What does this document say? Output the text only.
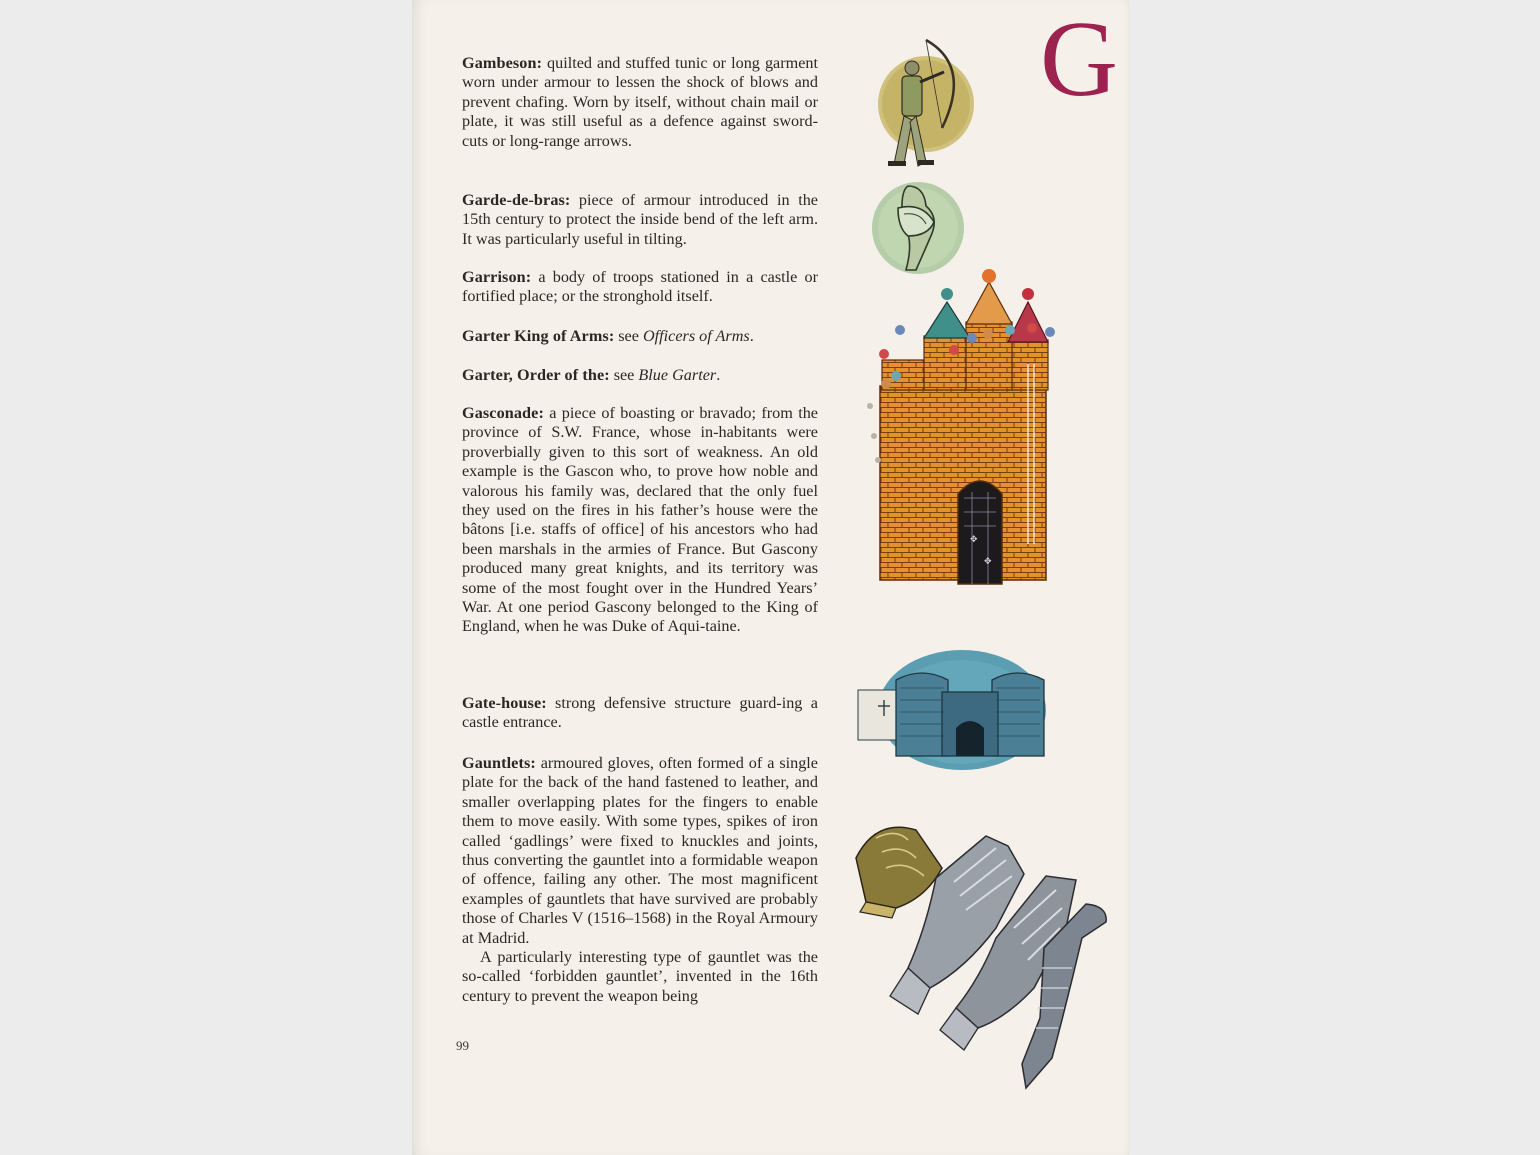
G

Gambeson: quilted and stuffed tunic or long garment worn under armour to lessen the shock of blows and prevent chafing. Worn by itself, without chain mail or plate, it was still useful as a defence against sword-cuts or long-range arrows.

Garde-de-bras: piece of armour introduced in the 15th century to protect the inside bend of the left arm. It was particularly useful in tilting.

Garrison: a body of troops stationed in a castle or fortified place; or the stronghold itself.

Garter King of Arms: see Officers of Arms.

Garter, Order of the: see Blue Garter.

Gasconade: a piece of boasting or bravado; from the province of S.W. France, whose in-habitants were proverbially given to this sort of weakness. An old example is the Gascon who, to prove how noble and valorous his family was, declared that the only fuel they used on the fires in his father’s house were the bâtons [i.e. staffs of office] of his ancestors who had been marshals in the armies of France. But Gascony produced many great knights, and its territory was some of the most fought over in the Hundred Years’ War. At one period Gascony belonged to the King of England, when he was Duke of Aqui-taine.

Gate-house: strong defensive structure guard-ing a castle entrance.

Gauntlets: armoured gloves, often formed of a single plate for the back of the hand fastened to leather, and smaller overlapping plates for the fingers to enable them to move easily. With some types, spikes of iron called ‘gadlings’ were fixed to knuckles and joints, thus converting the gauntlet into a formidable weapon of offence, failing any other. The most magnificent examples of gauntlets that have survived are probably those of Charles V (1516–1568) in the Royal Armoury at Madrid.

A particularly interesting type of gauntlet was the so-called ‘forbidden gauntlet’, invented in the 16th century to prevent the weapon being

99
✥
✥
